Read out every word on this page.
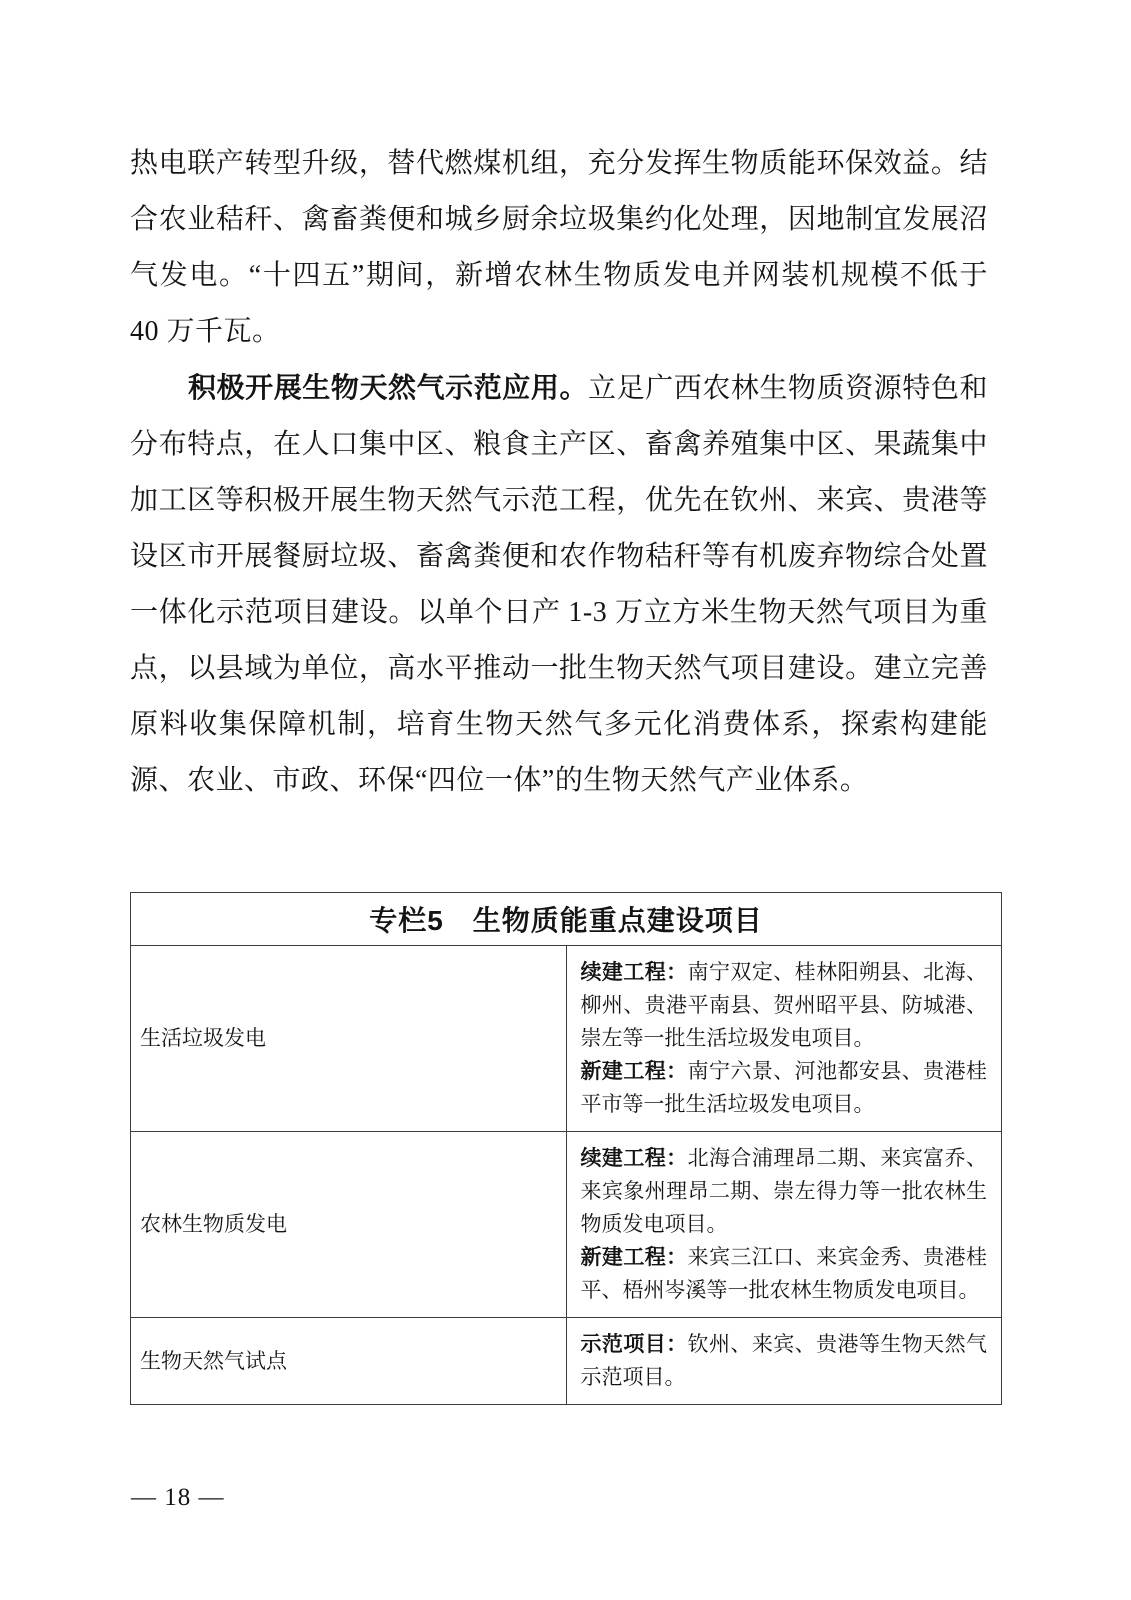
热电联产转型升级，替代燃煤机组，充分发挥生物质能环保效益。结合农业秸秆、禽畜粪便和城乡厨余垃圾集约化处理，因地制宜发展沼气发电。“十四五”期间，新增农林生物质发电并网装机规模不低于 40 万千瓦。

积极开展生物天然气示范应用。立足广西农林生物质资源特色和分布特点，在人口集中区、粮食主产区、畜禽养殖集中区、果蔬集中加工区等积极开展生物天然气示范工程，优先在钦州、来宾、贵港等设区市开展餐厨垃圾、畜禽粪便和农作物秸秆等有机废弃物综合处置一体化示范项目建设。以单个日产 1-3 万立方米生物天然气项目为重点，以县域为单位，高水平推动一批生物天然气项目建设。建立完善原料收集保障机制，培育生物天然气多元化消费体系，探索构建能源、农业、市政、环保“四位一体”的生物天然气产业体系。

专栏5　生物质能重点建设项目	
生活垃圾发电	续建工程：南宁双定、桂林阳朔县、北海、柳州、贵港平南县、贺州昭平县、防城港、崇左等一批生活垃圾发电项目。

新建工程：南宁六景、河池都安县、贵港桂平市等一批生活垃圾发电项目。

农林生物质发电	续建工程：北海合浦理昂二期、来宾富乔、来宾象州理昂二期、崇左得力等一批农林生物质发电项目。

新建工程：来宾三江口、来宾金秀、贵港桂平、梧州岑溪等一批农林生物质发电项目。

生物天然气试点	示范项目：钦州、来宾、贵港等生物天然气示范项目。

— 18 —
